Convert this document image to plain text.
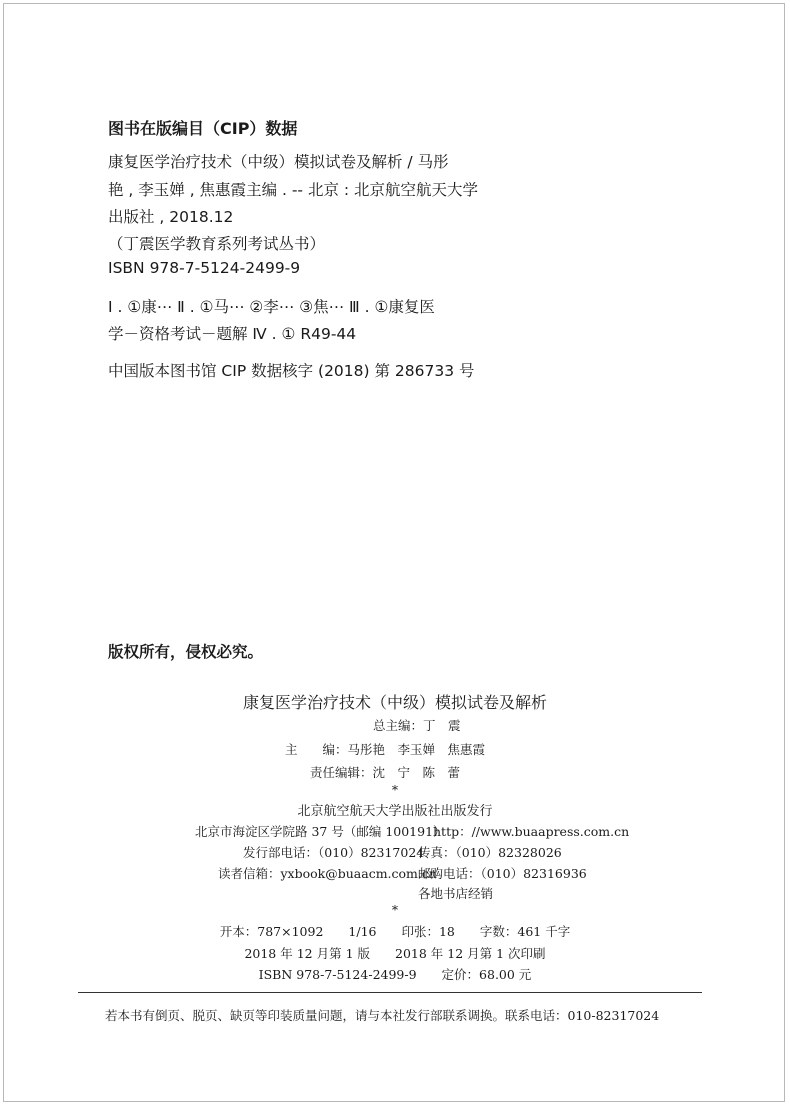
图书在版编目（CIP）数据
康复医学治疗技术（中级）模拟试卷及解析 / 马彤
艳 , 李玉婵 , 焦惠霞主编 . -- 北京 : 北京航空航天大学
出版社 , 2018.12
（丁震医学教育系列考试丛书）
ISBN 978-7-5124-2499-9
Ⅰ . ①康⋯ Ⅱ . ①马⋯ ②李⋯ ③焦⋯ Ⅲ . ①康复医
学－资格考试－题解 Ⅳ . ① R49-44
中国版本图书馆 CIP 数据核字 (2018) 第 286733 号
版权所有，侵权必究。
康复医学治疗技术（中级）模拟试卷及解析
总主编：丁　震
主　　编：马彤艳　李玉婵　焦惠霞
责任编辑：沈　宁　陈　蕾
*
北京航空航天大学出版社出版发行
北京市海淀区学院路 37 号（邮编 100191）
http：//www.buaapress.com.cn
发行部电话：（010）82317024
传真：（010）82328026
读者信箱：yxbook@buaacm.com.cn
邮购电话：（010）82316936
各地书店经销
*
开本：787×1092　　1/16　　印张：18　　字数：461 千字
2018 年 12 月第 1 版　　2018 年 12 月第 1 次印刷
ISBN 978-7-5124-2499-9　　定价：68.00 元
若本书有倒页、脱页、缺页等印装质量问题，请与本社发行部联系调换。联系电话：010-82317024
